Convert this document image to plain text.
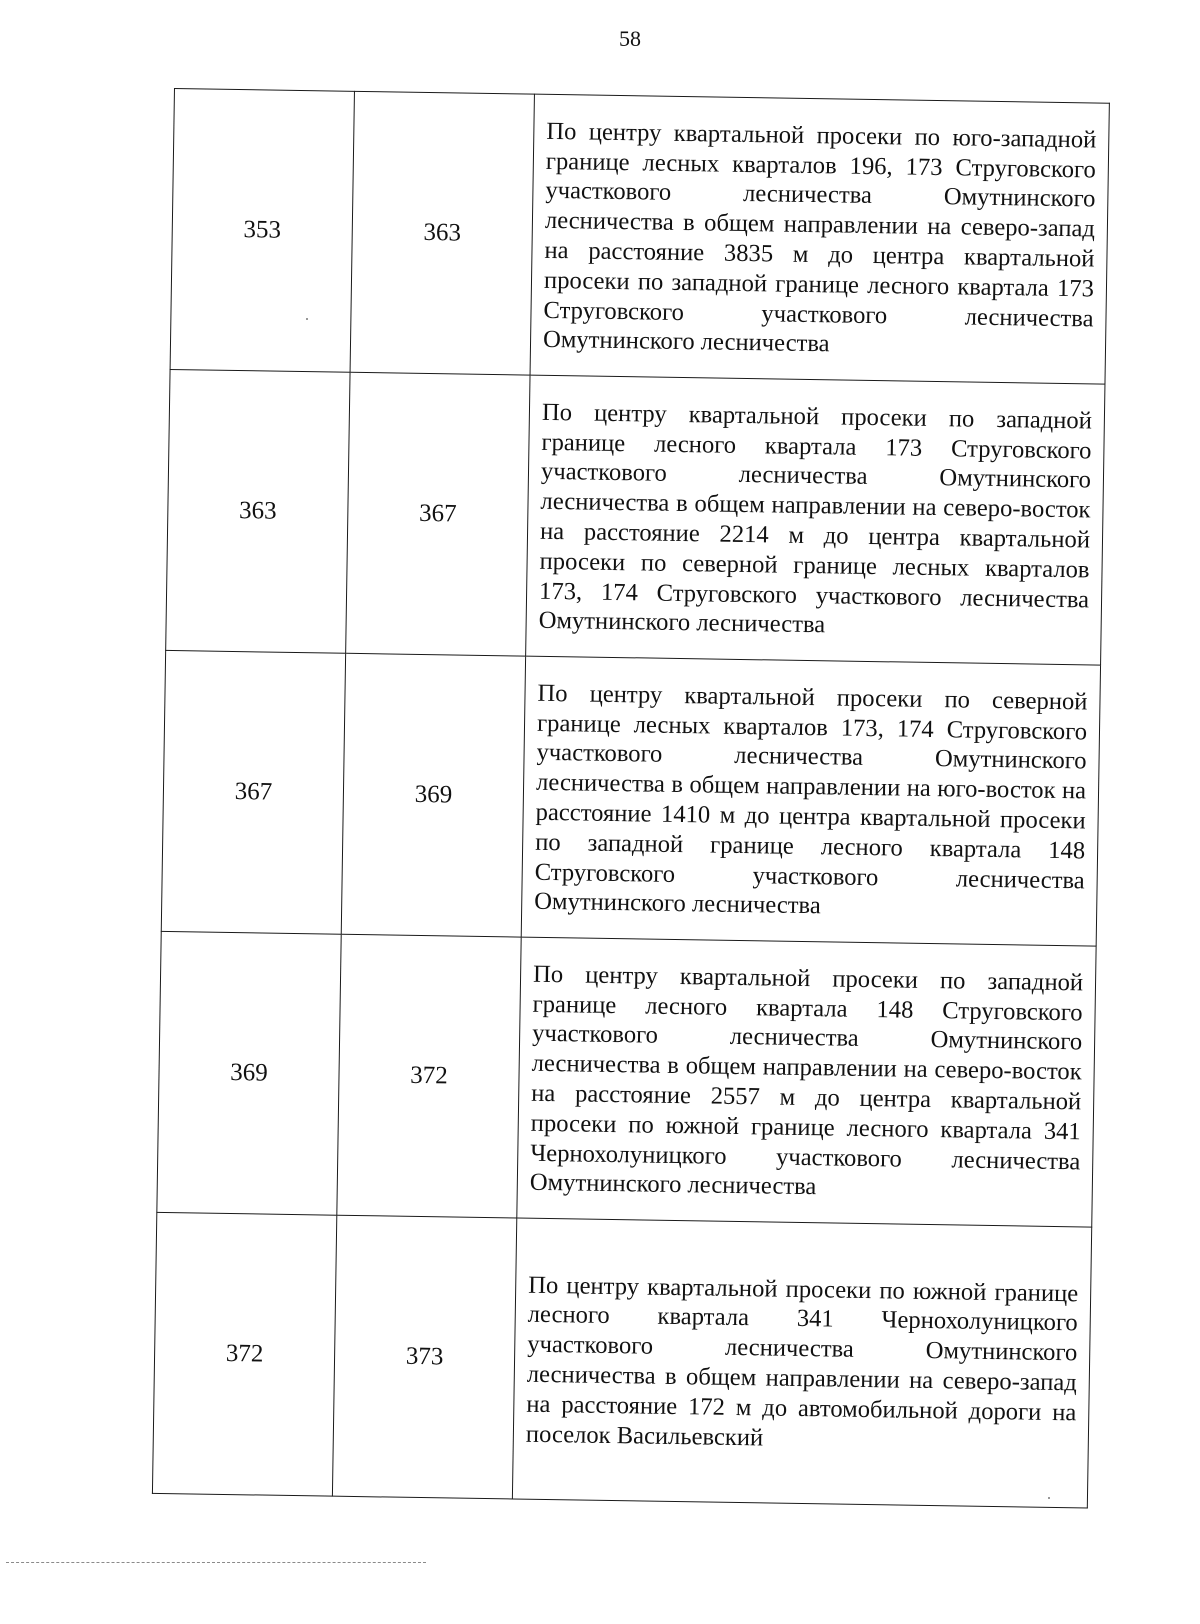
58
353	363	По центру квартальной просеки по юго-западной границе лесных кварталов 196, 173 Струговского участкового лесничества Омутнинского лесничества в общем направлении на северо-запад на расстояние 3835 м до центра квартальной просеки по западной границе лесного квартала 173 Струговского участкового лесничества Омутнинского лесничества
363	367	По центру квартальной просеки по западной границе лесного квартала 173 Струговского участкового лесничества Омутнинского лесничества в общем направлении на северо-восток на расстояние 2214 м до центра квартальной просеки по северной границе лесных кварталов 173, 174 Струговского участкового лесничества Омутнинского лесничества
367	369	По центру квартальной просеки по северной границе лесных кварталов 173, 174 Струговского участкового лесничества Омутнинского лесничества в общем направлении на юго-восток на расстояние 1410 м до центра квартальной просеки по западной границе лесного квартала 148 Струговского участкового лесничества Омутнинского лесничества
369	372	По центру квартальной просеки по западной границе лесного квартала 148 Струговского участкового лесничества Омутнинского лесничества в общем направлении на северо-восток на расстояние 2557 м до центра квартальной просеки по южной границе лесного квартала 341 Чернохолуницкого участкового лесничества Омутнинского лесничества
372	373	По центру квартальной просеки по южной границе лесного квартала 341 Чернохолуницкого участкового лесничества Омутнинского лесничества в общем направлении на северо-запад на расстояние 172 м до автомобильной дороги на поселок Васильевский
